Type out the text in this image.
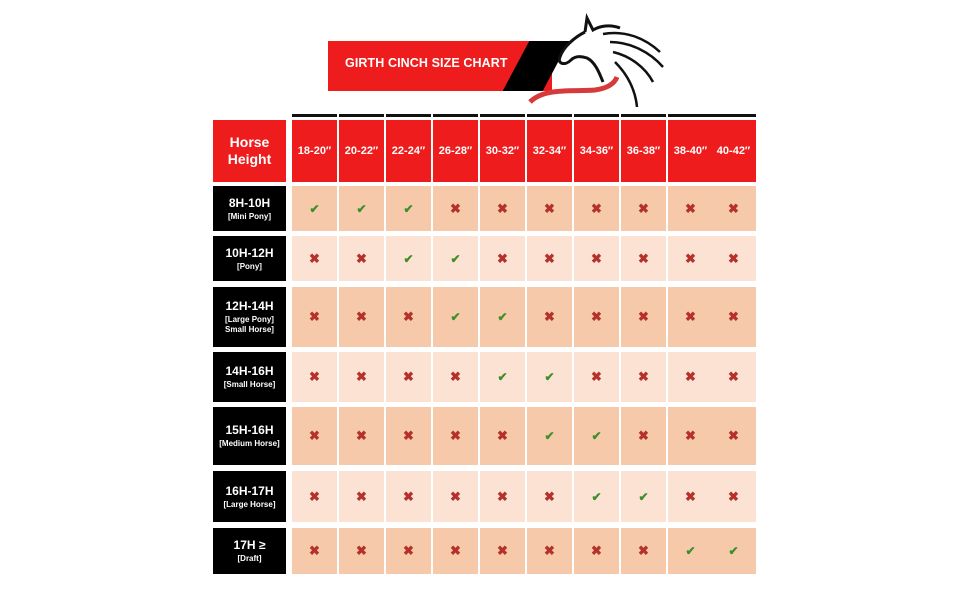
GIRTH CINCH SIZE CHART
Horse Height	18-20″	20-22″	22-24″	26-28″	30-32″	32-34″	34-36″	36-38″	38-40″ 40-42″
8H-10H
[Mini Pony]
✔	✔	✔	✖	✖	✖	✖	✖	✖ ✖
10H-12H
[Pony]
✖	✖	✔	✔	✖	✖	✖	✖	✖ ✖
12H-14H
[Large Pony] Small Horse]
✖	✖	✖	✔	✔	✖	✖	✖	✖ ✖
14H-16H
[Small Horse]
✖	✖	✖	✖	✔	✔	✖	✖	✖ ✖
15H-16H
[Medium Horse]
✖	✖	✖	✖	✖	✔	✔	✖	✖ ✖
16H-17H
[Large Horse]
✖	✖	✖	✖	✖	✖	✔	✔	✖ ✖
17H ≥
[Draft]
✖	✖	✖	✖	✖	✖	✖	✖	✔	✔
